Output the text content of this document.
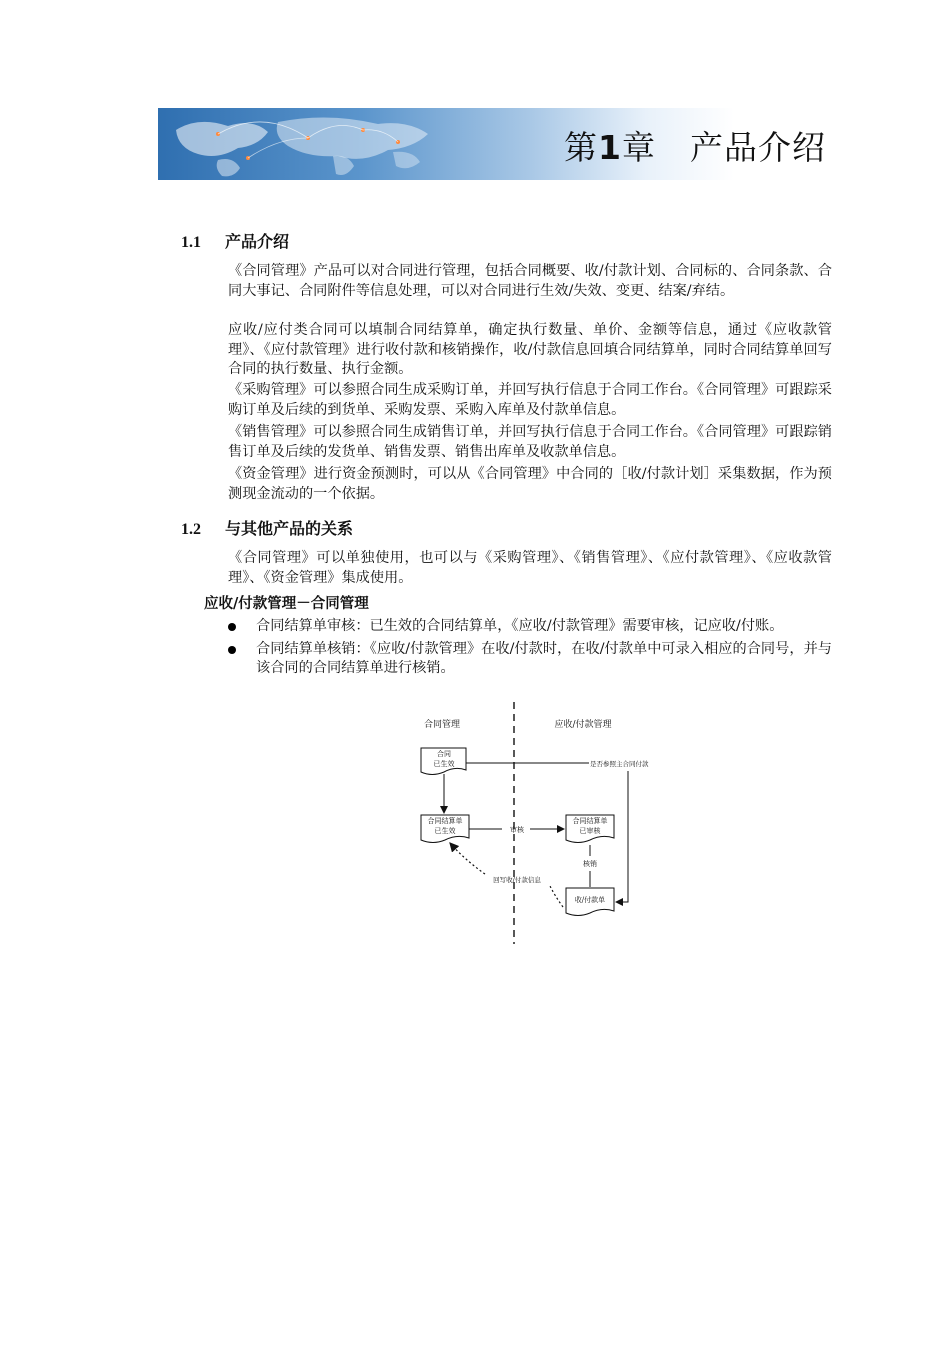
第1章 产品介绍
1.1 产品介绍

《合同管理》产品可以对合同进行管理，包括合同概要、收/付款计划、合同标的、合同条款、合同大事记、合同附件等信息处理，可以对合同进行生效/失效、变更、结案/弃结。

应收/应付类合同可以填制合同结算单，确定执行数量、单价、金额等信息，通过《应收款管理》、《应付款管理》进行收付款和核销操作，收/付款信息回填合同结算单，同时合同结算单回写合同的执行数量、执行金额。

《采购管理》可以参照合同生成采购订单，并回写执行信息于合同工作台。《合同管理》可跟踪采购订单及后续的到货单、采购发票、采购入库单及付款单信息。

《销售管理》可以参照合同生成销售订单，并回写执行信息于合同工作台。《合同管理》可跟踪销售订单及后续的发货单、销售发票、销售出库单及收款单信息。

《资金管理》进行资金预测时，可以从《合同管理》中合同的［收/付款计划］采集数据，作为预测现金流动的一个依据。

1.2 与其他产品的关系

《合同管理》可以单独使用，也可以与《采购管理》、《销售管理》、《应付款管理》、《应收款管理》、《资金管理》集成使用。

应收/付款管理－合同管理
合同结算单审核：已生效的合同结算单，《应收/付款管理》需要审核，记应收/付账。
合同结算单核销：《应收/付款管理》在收/付款时，在收/付款单中可录入相应的合同号，并与该合同的合同结算单进行核销。
合同管理	应收/付款管理
合同
已生效	是否参照主合同付款
合同结算单
已生效	审核
合同结算单
已审核
核销
收/付款单
回写收/付款信息
